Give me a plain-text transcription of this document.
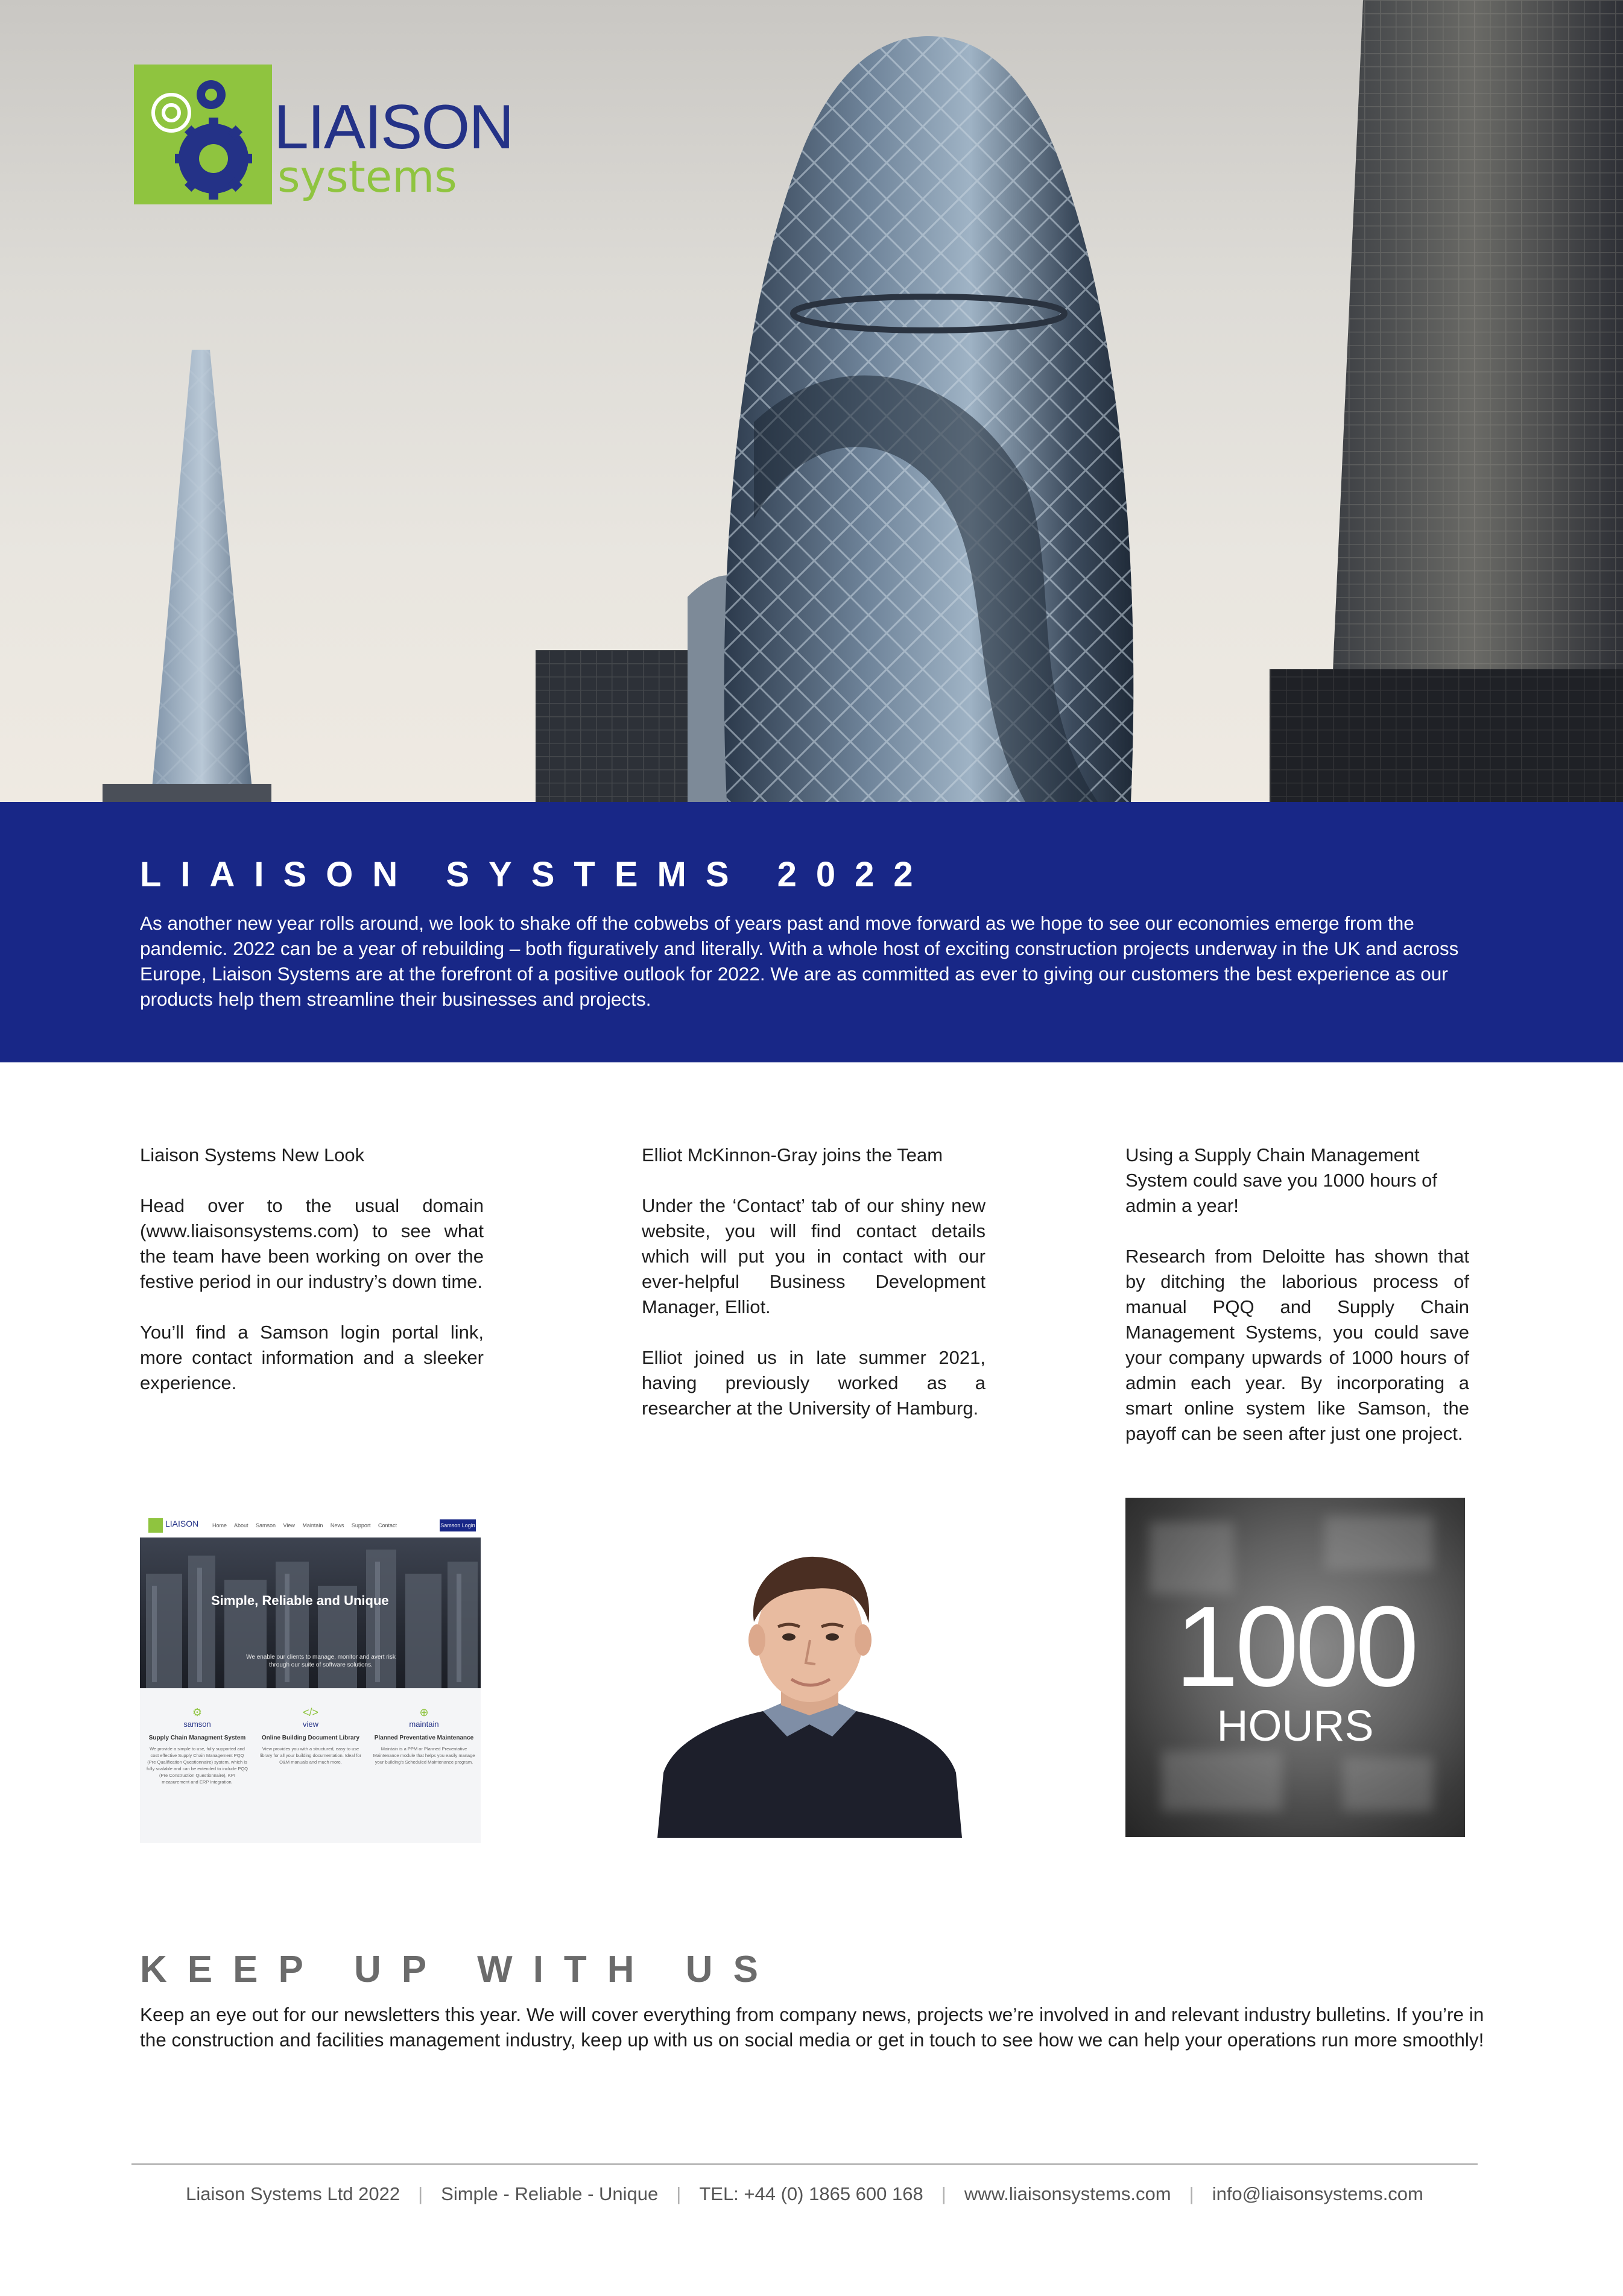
LIAISON
systems
LIAISON SYSTEMS 2022
As another new year rolls around, we look to shake off the cobwebs of years past and move forward as we hope to see our economies emerge from the pandemic. 2022 can be a year of rebuilding – both figuratively and literally. With a whole host of exciting construction projects underway in the UK and across Europe, Liaison Systems are at the forefront of a positive outlook for 2022. We are as committed as ever to giving our customers the best experience as our products help them streamline their businesses and projects.
Liaison Systems New Look

Head over to the usual domain (www.liaisonsystems.com) to see what the team have been working on over the festive period in our industry’s down time.

You’ll find a Samson login portal link, more contact information and a sleeker experience.

Elliot McKinnon-Gray joins the Team

Under the ‘Contact’ tab of our shiny new website, you will find contact details which will put you in contact with our ever-helpful Business Development Manager, Elliot.

Elliot joined us in late summer 2021, having previously worked as a researcher at the University of Hamburg.

Using a Supply Chain Management System could save you 1000 hours of admin a year!

Research from Deloitte has shown that by ditching the laborious process of manual PQQ and Supply Chain Management Systems, you could save your company upwards of 1000 hours of admin each year. By incorporating a smart online system like Samson, the payoff can be seen after just one project.

LIAISON	Home About Samson View Maintain News Support Contact	Samson Login
Simple, Reliable and Unique
We enable our clients to manage, monitor and avert risk through our suite of software solutions.
⚙
samson
Supply Chain Managment System
We provide a simple to use, fully supported and cost effective Supply Chain Management PQQ (Pre Qualification Questionnaire) system, which is fully scalable and can be extended to include PQQ (Pre Construction Questionnaire), KPI measurement and ERP Integration.
</>
view
Online Building Document Library
View provides you with a structured, easy to use library for all your building documentation. Ideal for O&M manuals and much more.
⊕
maintain
Planned Preventative Maintenance
Maintain is a PPM or Planned Preventative Maintenance module that helps you easily manage your building's Scheduled Maintenance program.
1000
HOURS
KEEP UP WITH US
Keep an eye out for our newsletters this year. We will cover everything from company news, projects we’re involved in and relevant industry bulletins. If you’re in the construction and facilities management industry, keep up with us on social media or get in touch to see how we can help your operations run more smoothly!
Liaison Systems Ltd 2022 | Simple - Reliable - Unique | TEL: +44 (0) 1865 600 168 | www.liaisonsystems.com | info@liaisonsystems.com
